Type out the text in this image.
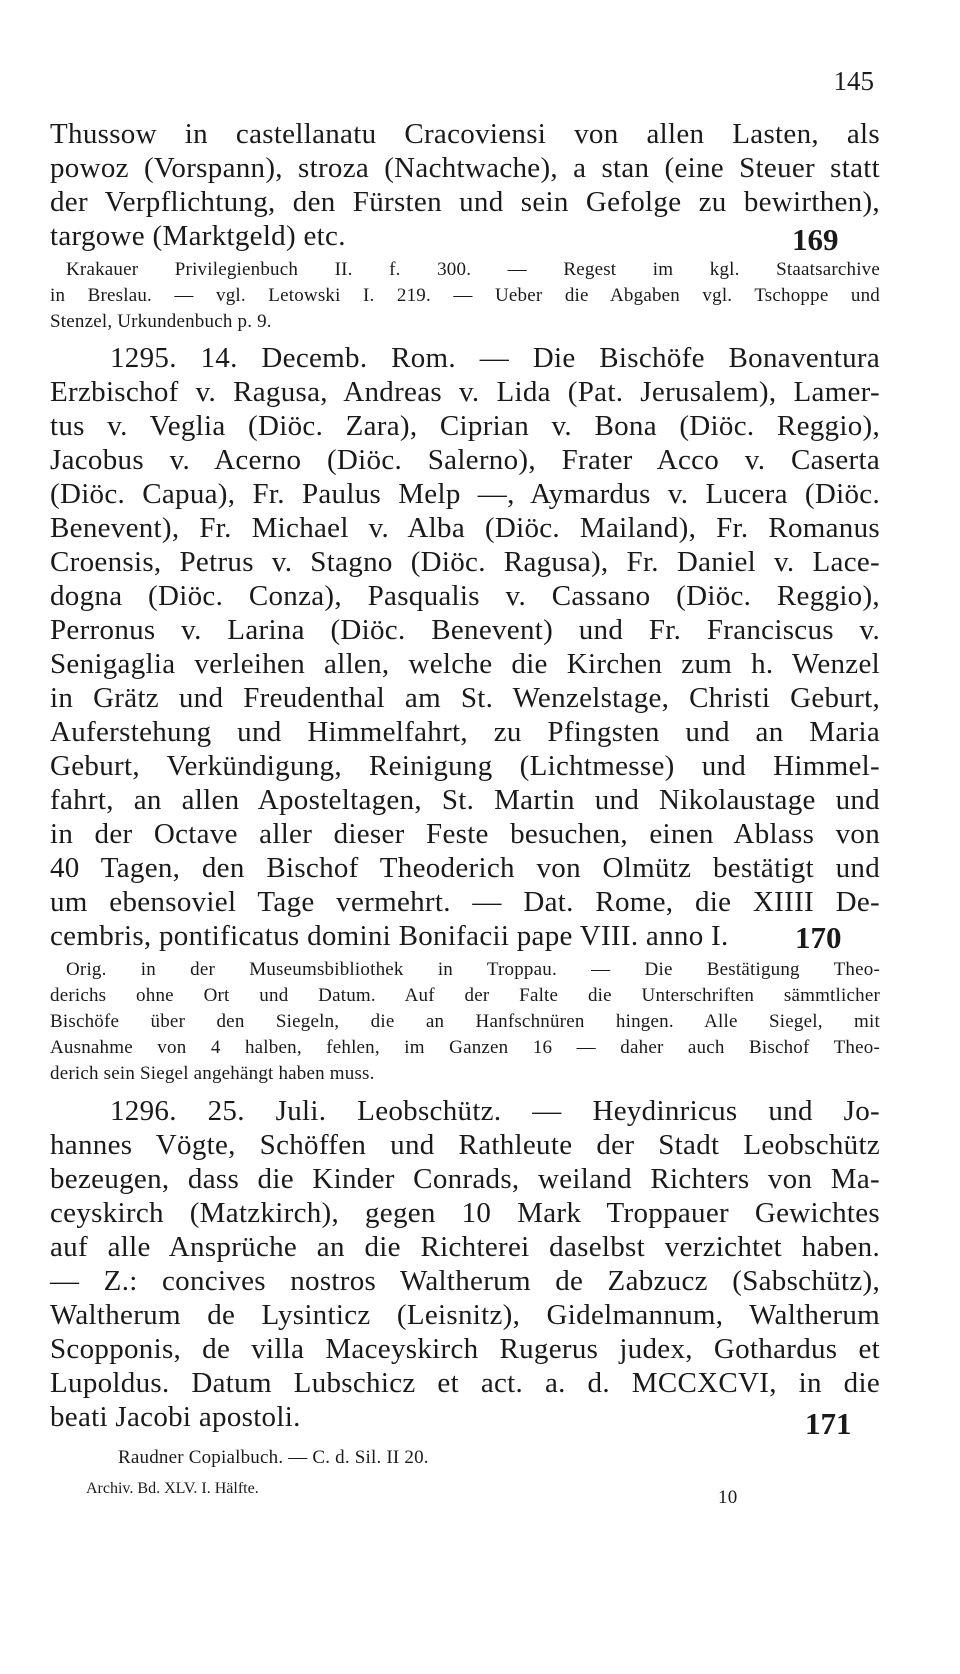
145
Thussow in castellanatu Cracoviensi von allen Lasten, als
powoz (Vorspann), stroza (Nachtwache), a stan (eine Steuer statt
der Verpflichtung, den Fürsten und sein Gefolge zu bewirthen),
targowe (Marktgeld) etc.	169
Krakauer Privilegienbuch II. f. 300. — Regest im kgl. Staatsarchive
in Breslau. — vgl. Letowski I. 219. — Ueber die Abgaben vgl. Tschoppe und
Stenzel, Urkundenbuch p. 9.
1295. 14. Decemb. Rom. — Die Bischöfe Bonaventura
Erzbischof v. Ragusa, Andreas v. Lida (Pat. Jerusalem), Lamer-
tus v. Veglia (Diöc. Zara), Ciprian v. Bona (Diöc. Reggio),
Jacobus v. Acerno (Diöc. Salerno), Frater Acco v. Caserta
(Diöc. Capua), Fr. Paulus Melp —, Aymardus v. Lucera (Diöc.
Benevent), Fr. Michael v. Alba (Diöc. Mailand), Fr. Romanus
Croensis, Petrus v. Stagno (Diöc. Ragusa), Fr. Daniel v. Lace-
dogna (Diöc. Conza), Pasqualis v. Cassano (Diöc. Reggio),
Perronus v. Larina (Diöc. Benevent) und Fr. Franciscus v.
Senigaglia verleihen allen, welche die Kirchen zum h. Wenzel
in Grätz und Freudenthal am St. Wenzelstage, Christi Geburt,
Auferstehung und Himmelfahrt, zu Pfingsten und an Maria
Geburt, Verkündigung, Reinigung (Lichtmesse) und Himmel-
fahrt, an allen Aposteltagen, St. Martin und Nikolaustage und
in der Octave aller dieser Feste besuchen, einen Ablass von
40 Tagen, den Bischof Theoderich von Olmütz bestätigt und
um ebensoviel Tage vermehrt. — Dat. Rome, die XIIII De-
cembris, pontificatus domini Bonifacii pape VIII. anno I.	170
Orig. in der Museumsbibliothek in Troppau. — Die Bestätigung Theo-
derichs ohne Ort und Datum. Auf der Falte die Unterschriften sämmtlicher
Bischöfe über den Siegeln, die an Hanfschnüren hingen. Alle Siegel, mit
Ausnahme von 4 halben, fehlen, im Ganzen 16 — daher auch Bischof Theo-
derich sein Siegel angehängt haben muss.
1296. 25. Juli. Leobschütz. — Heydinricus und Jo-
hannes Vögte, Schöffen und Rathleute der Stadt Leobschütz
bezeugen, dass die Kinder Conrads, weiland Richters von Ma-
ceyskirch (Matzkirch), gegen 10 Mark Troppauer Gewichtes
auf alle Ansprüche an die Richterei daselbst verzichtet haben.
— Z.: concives nostros Waltherum de Zabzucz (Sabschütz),
Waltherum de Lysinticz (Leisnitz), Gidelmannum, Waltherum
Scopponis, de villa Maceyskirch Rugerus judex, Gothardus et
Lupoldus. Datum Lubschicz et act. a. d. MCCXCVI, in die
beati Jacobi apostoli.	171
Raudner Copialbuch. — C. d. Sil. II 20.
Archiv. Bd. XLV. I. Hälfte.	10
